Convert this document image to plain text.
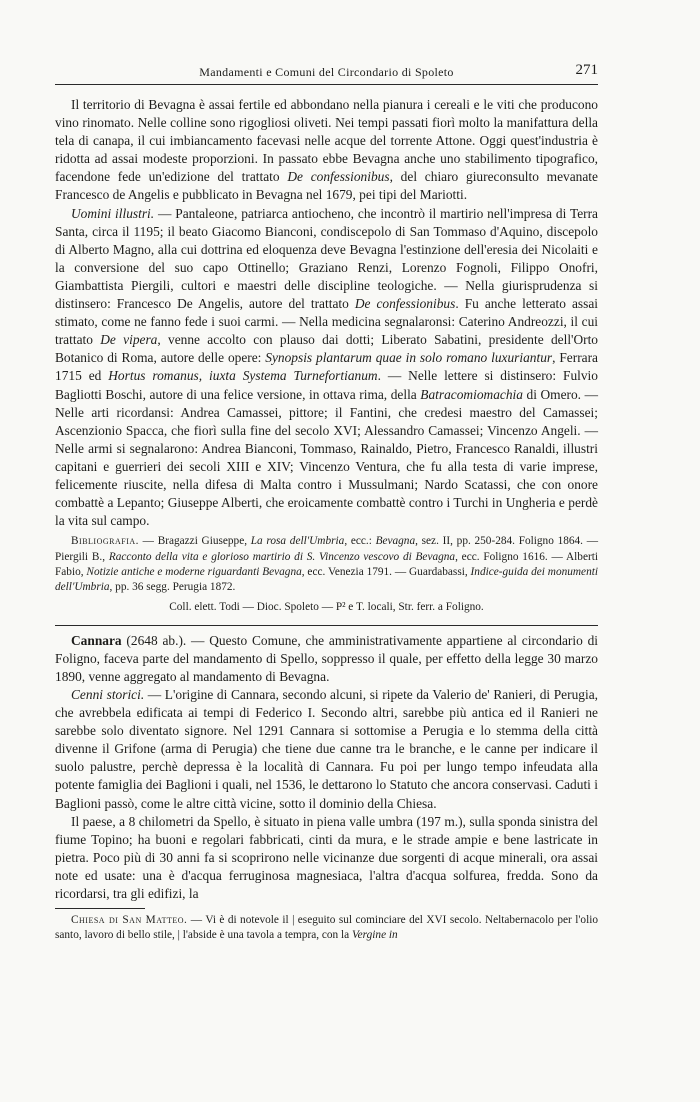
Mandamenti e Comuni del Circondario di Spoleto	271

Il territorio di Bevagna è assai fertile ed abbondano nella pianura i cereali e le viti che producono vino rinomato. Nelle colline sono rigogliosi oliveti. Nei tempi passati fiorì molto la manifattura della tela di canapa, il cui imbiancamento facevasi nelle acque del torrente Attone. Oggi quest'industria è ridotta ad assai modeste proporzioni. In passato ebbe Bevagna anche uno stabilimento tipografico, facendone fede un'edizione del trattato De confessionibus, del chiaro giureconsulto mevanate Francesco de Angelis e pubblicato in Bevagna nel 1679, pei tipi del Mariotti.

Uomini illustri. — Pantaleone, patriarca antiocheno, che incontrò il martirio nell'impresa di Terra Santa, circa il 1195; il beato Giacomo Bianconi, condiscepolo di San Tommaso d'Aquino, discepolo di Alberto Magno, alla cui dottrina ed eloquenza deve Bevagna l'estinzione dell'eresia dei Nicolaiti e la conversione del suo capo Ottinello; Graziano Renzi, Lorenzo Fognoli, Filippo Onofri, Giambattista Piergili, cultori e maestri delle discipline teologiche. — Nella giurisprudenza si distinsero: Francesco De Angelis, autore del trattato De confessionibus. Fu anche letterato assai stimato, come ne fanno fede i suoi carmi. — Nella medicina segnalaronsi: Caterino Andreozzi, il cui trattato De vipera, venne accolto con plauso dai dotti; Liberato Sabatini, presidente dell'Orto Botanico di Roma, autore delle opere: Synopsis plantarum quae in solo romano luxuriantur, Ferrara 1715 ed Hortus romanus, iuxta Systema Turnefortianum. — Nelle lettere si distinsero: Fulvio Bagliotti Boschi, autore di una felice versione, in ottava rima, della Batracomiomachia di Omero. — Nelle arti ricordansi: Andrea Camassei, pittore; il Fantini, che credesi maestro del Camassei; Ascenzionio Spacca, che fiorì sulla fine del secolo XVI; Alessandro Camassei; Vincenzo Angeli. — Nelle armi si segnalarono: Andrea Bianconi, Tommaso, Rainaldo, Pietro, Francesco Ranaldi, illustri capitani e guerrieri dei secoli XIII e XIV; Vincenzo Ventura, che fu alla testa di varie imprese, felicemente riuscite, nella difesa di Malta contro i Mussulmani; Nardo Scatassi, che con onore combattè a Lepanto; Giuseppe Alberti, che eroicamente combattè contro i Turchi in Ungheria e perdè la vita sul campo.

Bibliografia. — Bragazzi Giuseppe, La rosa dell'Umbria, ecc.: Bevagna, sez. II, pp. 250-284. Foligno 1864. — Piergili B., Racconto della vita e glorioso martirio di S. Vincenzo vescovo di Bevagna, ecc. Foligno 1616. — Alberti Fabio, Notizie antiche e moderne riguardanti Bevagna, ecc. Venezia 1791. — Guardabassi, Indice-guida dei monumenti dell'Umbria, pp. 36 segg. Perugia 1872.

Coll. elett. Todi — Dioc. Spoleto — P² e T. locali, Str. ferr. a Foligno.

Cannara (2648 ab.). — Questo Comune, che amministrativamente appartiene al circondario di Foligno, faceva parte del mandamento di Spello, soppresso il quale, per effetto della legge 30 marzo 1890, venne aggregato al mandamento di Bevagna.

Cenni storici. — L'origine di Cannara, secondo alcuni, si ripete da Valerio de' Ranieri, di Perugia, che avrebbela edificata ai tempi di Federico I. Secondo altri, sarebbe più antica ed il Ranieri ne sarebbe solo diventato signore. Nel 1291 Cannara si sottomise a Perugia e lo stemma della città divenne il Grifone (arma di Perugia) che tiene due canne tra le branche, e le canne per indicare il suolo palustre, perchè depressa è la località di Cannara. Fu poi per lungo tempo infeudata alla potente famiglia dei Baglioni i quali, nel 1536, le dettarono lo Statuto che ancora conservasi. Caduti i Baglioni passò, come le altre città vicine, sotto il dominio della Chiesa.

Il paese, a 8 chilometri da Spello, è situato in piena valle umbra (197 m.), sulla sponda sinistra del fiume Topino; ha buoni e regolari fabbricati, cinti da mura, e le strade ampie e bene lastricate in pietra. Poco più di 30 anni fa si scoprirono nelle vicinanze due sorgenti di acque minerali, ora assai note ed usate: una è d'acqua ferruginosa magnesiaca, l'altra d'acqua solfurea, fredda. Sono da ricordarsi, tra gli edifizi, la

Chiesa di San Matteo. — Vi è di notevole il | eseguito sul cominciare del XVI secolo. Neltabernacolo per l'olio santo, lavoro di bello stile, | l'abside è una tavola a tempra, con la Vergine in
